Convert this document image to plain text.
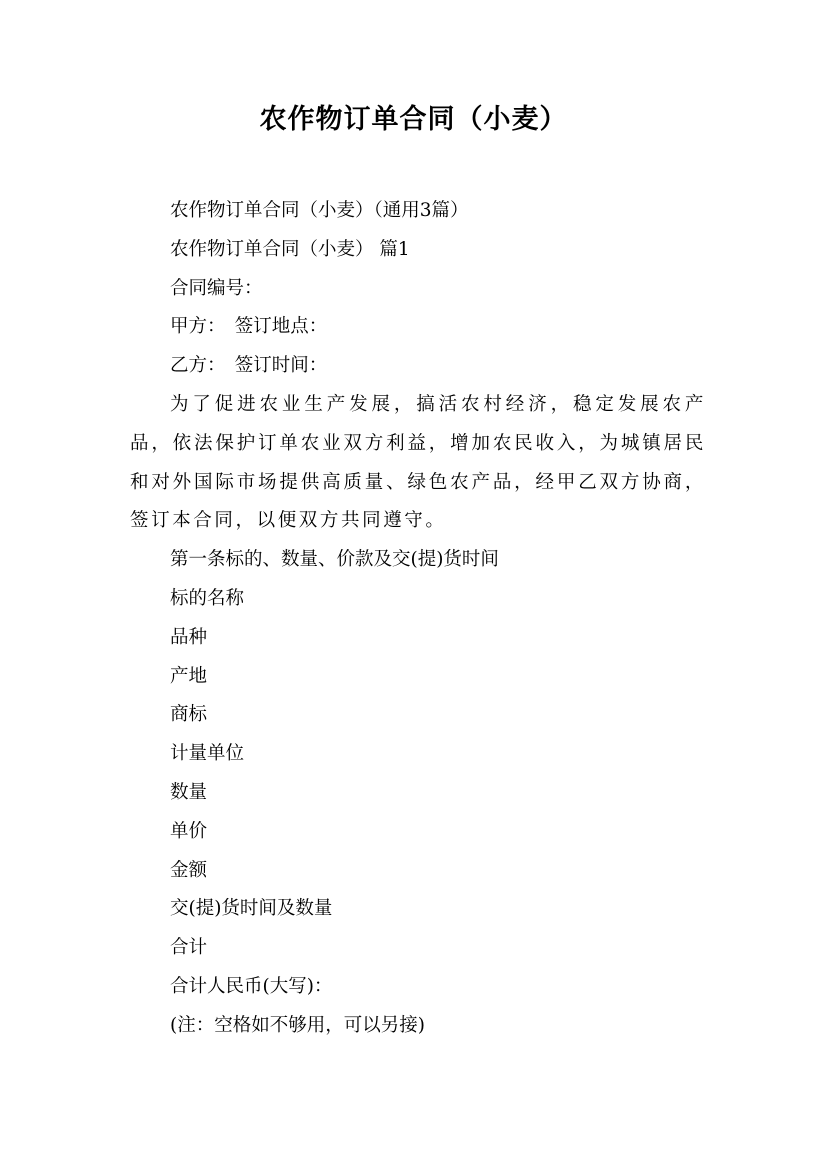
农作物订单合同（小麦）

农作物订单合同（小麦）（通用3篇）

农作物订单合同（小麦） 篇1

合同编号：

甲方：　签订地点：

乙方：　签订时间：

为了促进农业生产发展，搞活农村经济，稳定发展农产品，依法保护订单农业双方利益，增加农民收入，为城镇居民和对外国际市场提供高质量、绿色农产品，经甲乙双方协商，签订本合同，以便双方共同遵守。

第一条标的、数量、价款及交(提)货时间

标的名称

品种

产地

商标

计量单位

数量

单价

金额

交(提)货时间及数量

合计

合计人民币(大写)：

(注：空格如不够用，可以另接)
